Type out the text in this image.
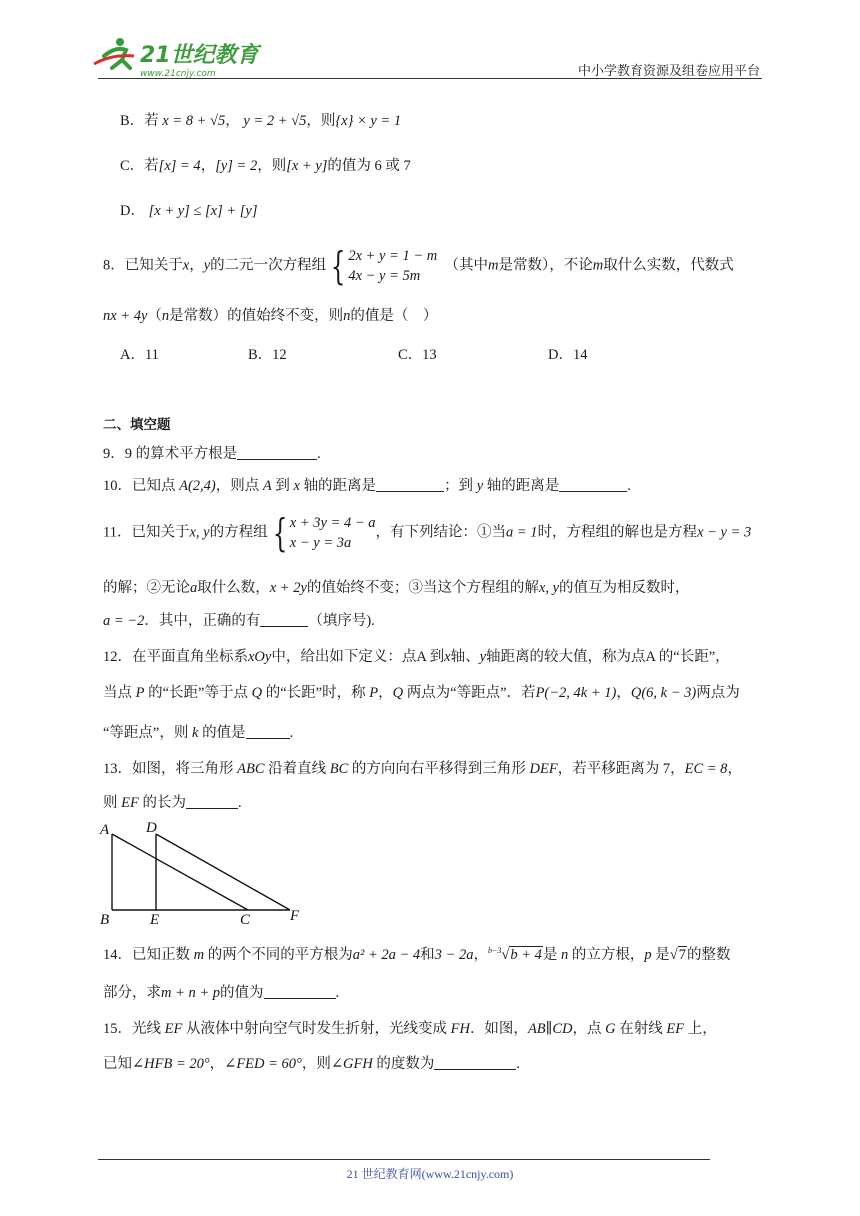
21世纪教育
www.21cnjy.com	中小学教育资源及组卷应用平台
B．若 x = 8 + √5， y = 2 + √5，则{x} × y = 1
C．若[x] = 4，[y] = 2，则[x + y]的值为 6 或 7
D． [x + y] ≤ [x] + [y]
8．已知关于x，y的二元一次方程组 { 2x + y = 1 − m
4x − y = 5m　（其中m是常数），不论m取什么实数，代数式
nx + 4y（n是常数）的值始终不变，则n的值是（　）
A．11	B．12	C．13	D．14
二、填空题
9．9 的算术平方根是	.
10．已知点 A(2,4)，则点 A 到 x 轴的距离是	；到 y 轴的距离是	.
11．已知关于x, y的方程组 { x + 3y = 4 − a
x − y = 3a，有下列结论：①当a = 1时，方程组的解也是方程x − y = 3
的解；②无论a取什么数，x + 2y的值始终不变；③当这个方程组的解x, y的值互为相反数时，
a = −2．其中，正确的有	（填序号).
12．在平面直角坐标系xOy中，给出如下定义：点A 到x轴、y轴距离的较大值，称为点A 的“长距”，
当点 P 的“长距”等于点 Q 的“长距”时，称 P，Q 两点为“等距点”．若P(−2, 4k + 1)，Q(6, k − 3)两点为
“等距点”，则 k 的值是	.
13．如图，将三角形 ABC 沿着直线 BC 的方向向右平移得到三角形 DEF，若平移距离为 7，EC = 8，
则 EF 的长为	.
A D
B	E	C	F
14．已知正数 m 的两个不同的平方根为a² + 2a − 4和3 − 2a，$^{b-3}$√b + 4是 n 的立方根，p 是√7的整数
部分，求m + n + p的值为	.
15．光线 EF 从液体中射向空气时发生折射，光线变成 FH．如图，AB∥CD，点 G 在射线 EF 上，
已知∠HFB = 20°，∠FED = 60°，则∠GFH 的度数为	.
21 世纪教育网(www.21cnjy.com)
